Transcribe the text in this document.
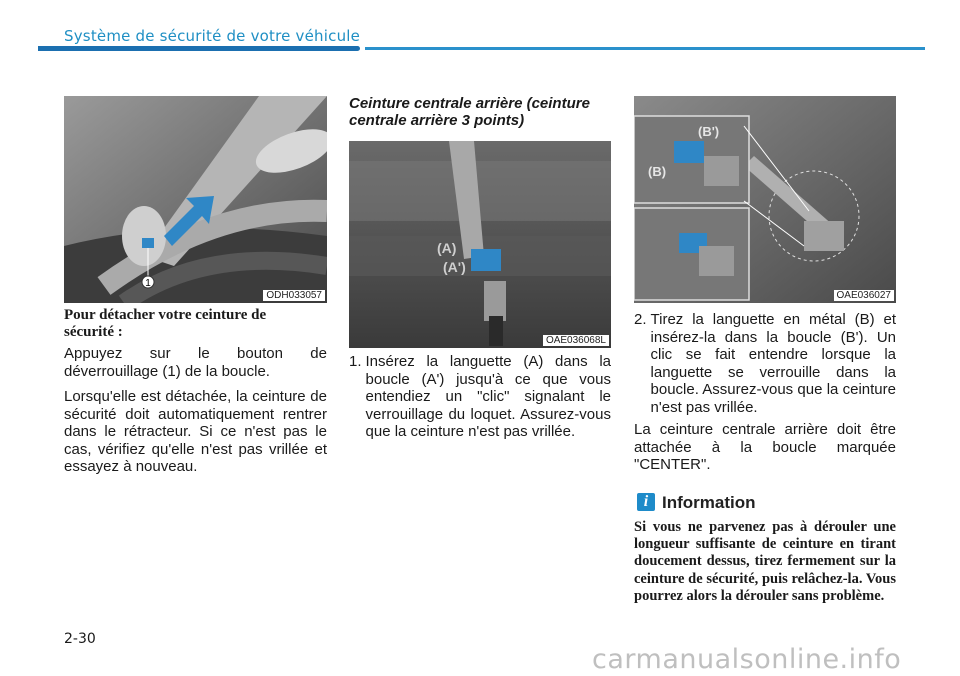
Système de sécurité de votre véhicule
1
ODH033057
Pour détacher votre ceinture de sécurité :

Appuyez sur le bouton de déverrouillage (1) de la boucle.

Lorsqu'elle est détachée, la ceinture de sécurité doit automatiquement rentrer dans le rétracteur. Si ce n'est pas le cas, vérifiez qu'elle n'est pas vrillée et essayez à nouveau.

Ceinture centrale arrière (ceinture centrale arrière 3 points)
(A)
(A')
OAE036068L
1. Insérez la languette (A) dans la boucle (A') jusqu'à ce que vous entendiez un "clic" signalant le verrouillage du loquet. Assurez-vous que la ceinture n'est pas vrillée.
(B')
(B)
OAE036027
2. Tirez la languette en métal (B) et insérez-la dans la boucle (B'). Un clic se fait entendre lorsque la languette se verrouille dans la boucle. Assurez-vous que la ceinture n'est pas vrillée.
La ceinture centrale arrière doit être attachée à la boucle marquée "CENTER".
i Information
Si vous ne parvenez pas à dérouler une longueur suffisante de ceinture en tirant doucement dessus, tirez fermement sur la ceinture de sécurité, puis relâchez-la. Vous pourrez alors la dérouler sans problème.
2-30
carmanualsonline.info
